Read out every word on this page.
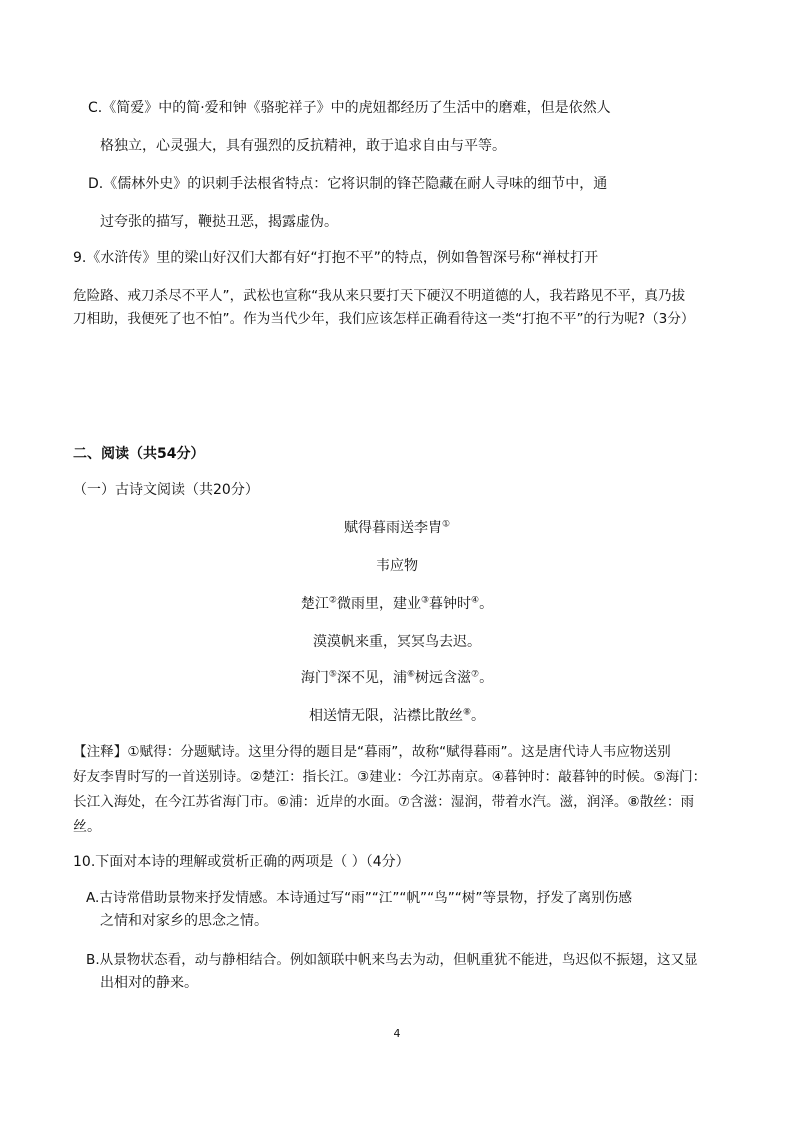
C.《简爱》中的简·爱和钟《骆驼祥子》中的虎妞都经历了生活中的磨难，但是依然人
格独立，心灵强大，具有强烈的反抗精神，敢于追求自由与平等。
D.《儒林外史》的识刺手法根省特点：它将识制的锋芒隐藏在耐人寻味的细节中，通
过夸张的描写，鞭挞丑恶，揭露虚伪。
9.《水浒传》里的梁山好汉们大都有好“打抱不平”的特点，例如鲁智深号称“禅杖打开
危险路、戒刀杀尽不平人”，武松也宣称“我从来只要打天下硬汉不明道德的人，我若路见不平，真乃拔
刀相助，我便死了也不怕”。作为当代少年，我们应该怎样正确看待这一类“打抱不平”的行为呢?（3分）
二、阅读（共54分）
（一）古诗文阅读（共20分）
赋得暮雨送李胄①
韦应物
楚江②微雨里，建业③暮钟时④。
漠漠帆来重，冥冥鸟去迟。
海门⑤深不见，浦⑥树远含滋⑦。
相送情无限，沾襟比散丝⑧。
【注释】①赋得：分题赋诗。这里分得的题目是“暮雨”，故称“赋得暮雨”。这是唐代诗人韦应物送别
好友李胄时写的一首送别诗。②楚江：指长江。③建业：今江苏南京。④暮钟时：敲暮钟的时候。⑤海门：
长江入海处，在今江苏省海门市。⑥浦：近岸的水面。⑦含滋：湿润，带着水汽。滋，润泽。⑧散丝：雨
丝。
10.下面对本诗的理解或赏析正确的两项是（ ）（4分）
A.古诗常借助景物来抒发情感。本诗通过写“雨”“江”“帆”“鸟”“树”等景物，抒发了离别伤感
之情和对家乡的思念之情。
B.从景物状态看，动与静相结合。例如颔联中帆来鸟去为动，但帆重犹不能进，鸟迟似不振翅，这又显
出相对的静来。
4
